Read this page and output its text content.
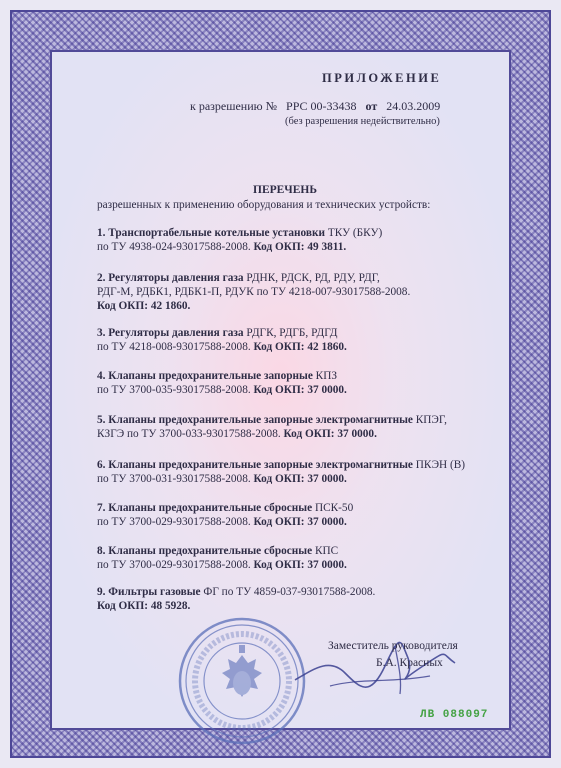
ПРИЛОЖЕНИЕ
к разрешению № РРС 00-33438 от 24.03.2009
(без разрешения недействительно)
ПЕРЕЧЕНЬ
разрешенных к применению оборудования и технических устройств:
1. Транспортабельные котельные установки ТКУ (БКУ)
по ТУ 4938-024-93017588-2008. Код ОКП: 49 3811.
2. Регуляторы давления газа РДНК, РДСК, РД, РДУ, РДГ,
РДГ-М, РДБК1, РДБК1-П, РДУК по ТУ 4218-007-93017588-2008.
Код ОКП: 42 1860.
3. Регуляторы давления газа РДГК, РДГБ, РДГД
по ТУ 4218-008-93017588-2008. Код ОКП: 42 1860.
4. Клапаны предохранительные запорные КПЗ
по ТУ 3700-035-93017588-2008. Код ОКП: 37 0000.
5. Клапаны предохранительные запорные электромагнитные КПЭГ,
КЗГЭ по ТУ 3700-033-93017588-2008. Код ОКП: 37 0000.
6. Клапаны предохранительные запорные электромагнитные ПКЭН (В)
по ТУ 3700-031-93017588-2008. Код ОКП: 37 0000.
7. Клапаны предохранительные сбросные ПСК-50
по ТУ 3700-029-93017588-2008. Код ОКП: 37 0000.
8. Клапаны предохранительные сбросные КПС
по ТУ 3700-029-93017588-2008. Код ОКП: 37 0000.
9. Фильтры газовые ФГ по ТУ 4859-037-93017588-2008.
Код ОКП: 48 5928.
Заместитель руководителя
Б.А. Красных
ЛВ 088097
